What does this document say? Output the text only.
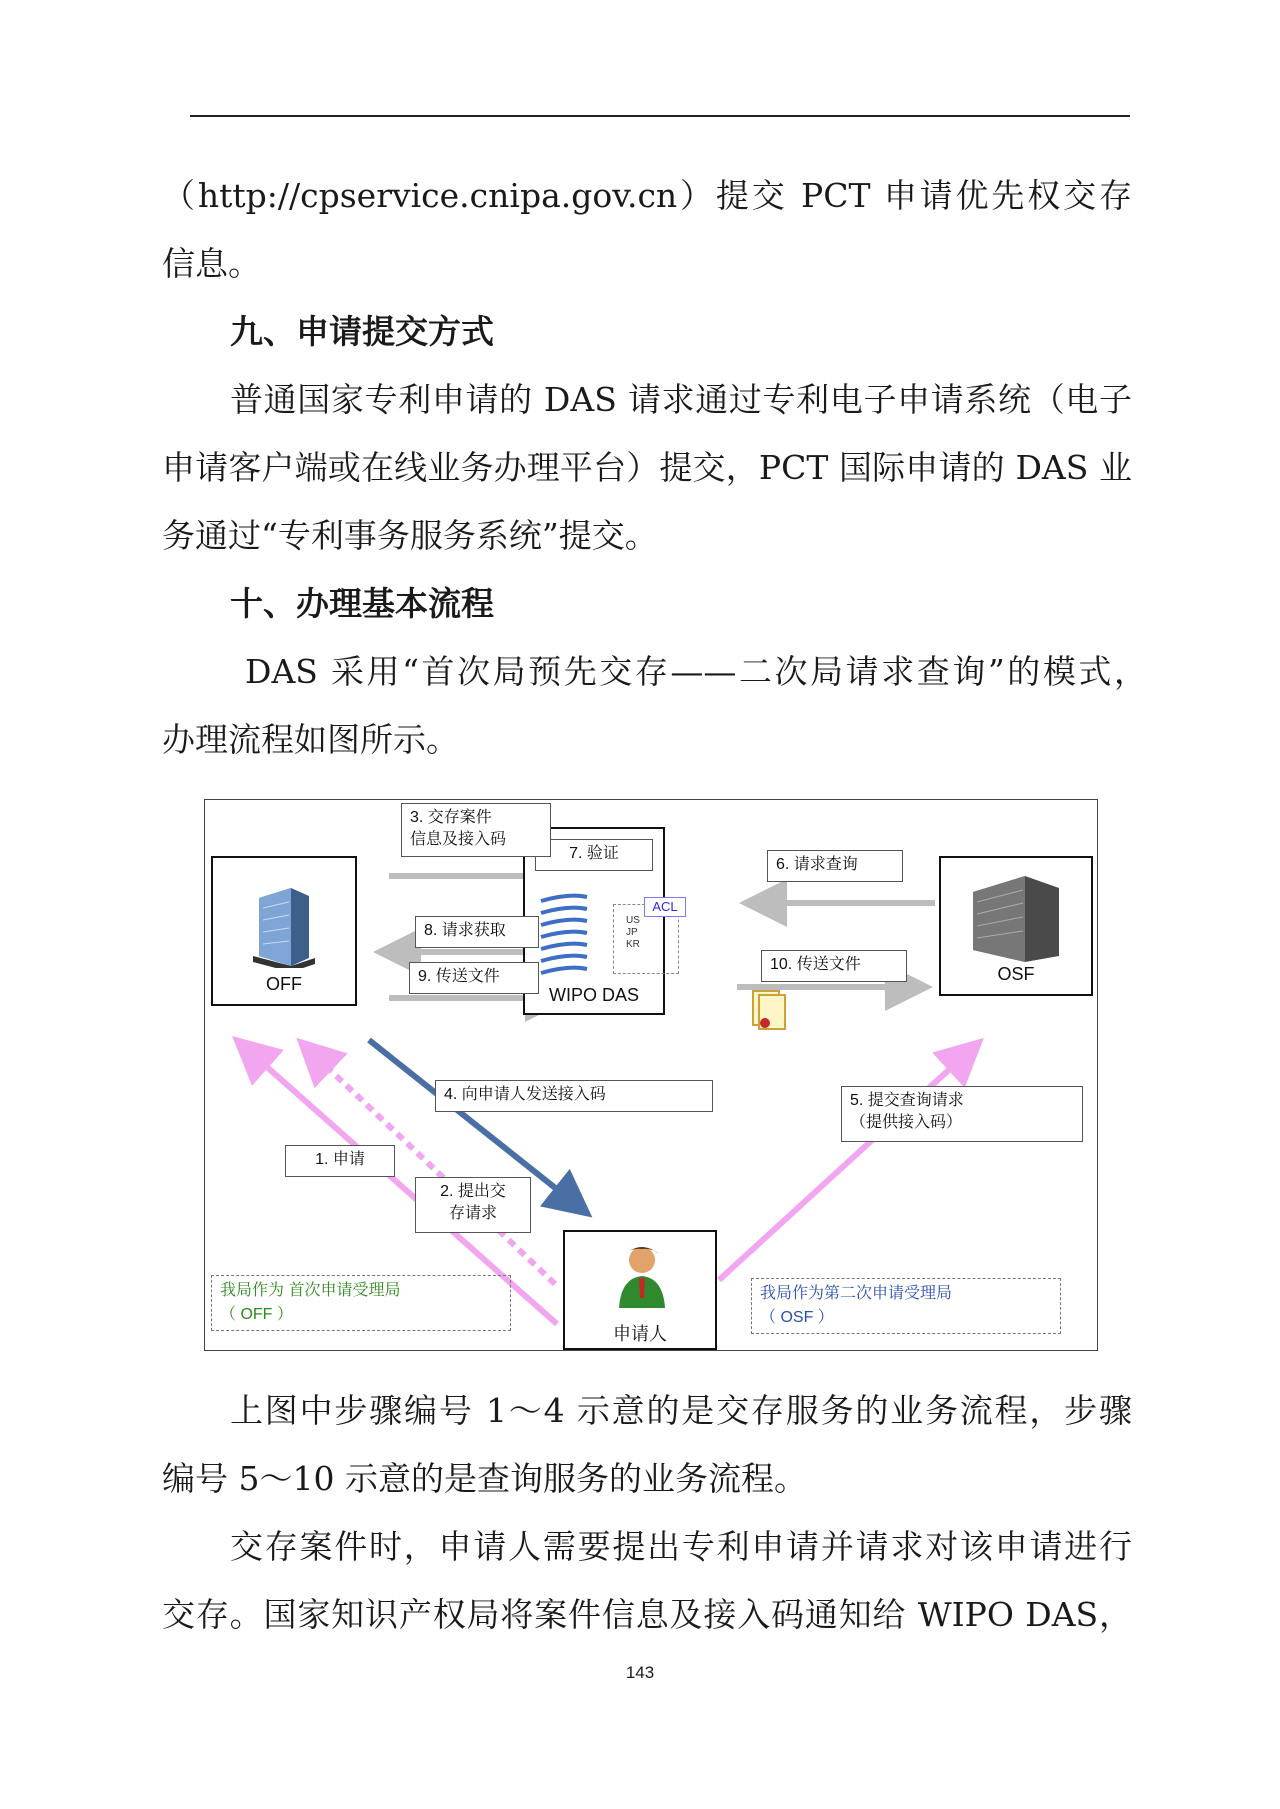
（http://cpservice.cnipa.gov.cn）提交 PCT 申请优先权交存

信息。

九、申请提交方式

普通国家专利申请的 DAS 请求通过专利电子申请系统（电子

申请客户端或在线业务办理平台）提交，PCT 国际申请的 DAS 业

务通过“专利事务服务系统”提交。

十、办理基本流程

DAS 采用“首次局预先交存——二次局请求查询”的模式，

办理流程如图所示。

OFF
7. 验证
US
JP
KR
ACL
WIPO DAS
OSF
申请人
3. 交存案件
信息及接入码
8. 请求获取
9. 传送文件
6. 请求查询
10. 传送文件
4. 向申请人发送接入码	5. 提交查询请求
（提供接入码）
1. 申请
2. 提出交
存请求
我局作为 首次申请受理局
（ OFF ）
我局作为第二次申请受理局
（ OSF ）

上图中步骤编号 1～4 示意的是交存服务的业务流程，步骤

编号 5～10 示意的是查询服务的业务流程。

交存案件时，申请人需要提出专利申请并请求对该申请进行

交存。国家知识产权局将案件信息及接入码通知给 WIPO DAS，

143
